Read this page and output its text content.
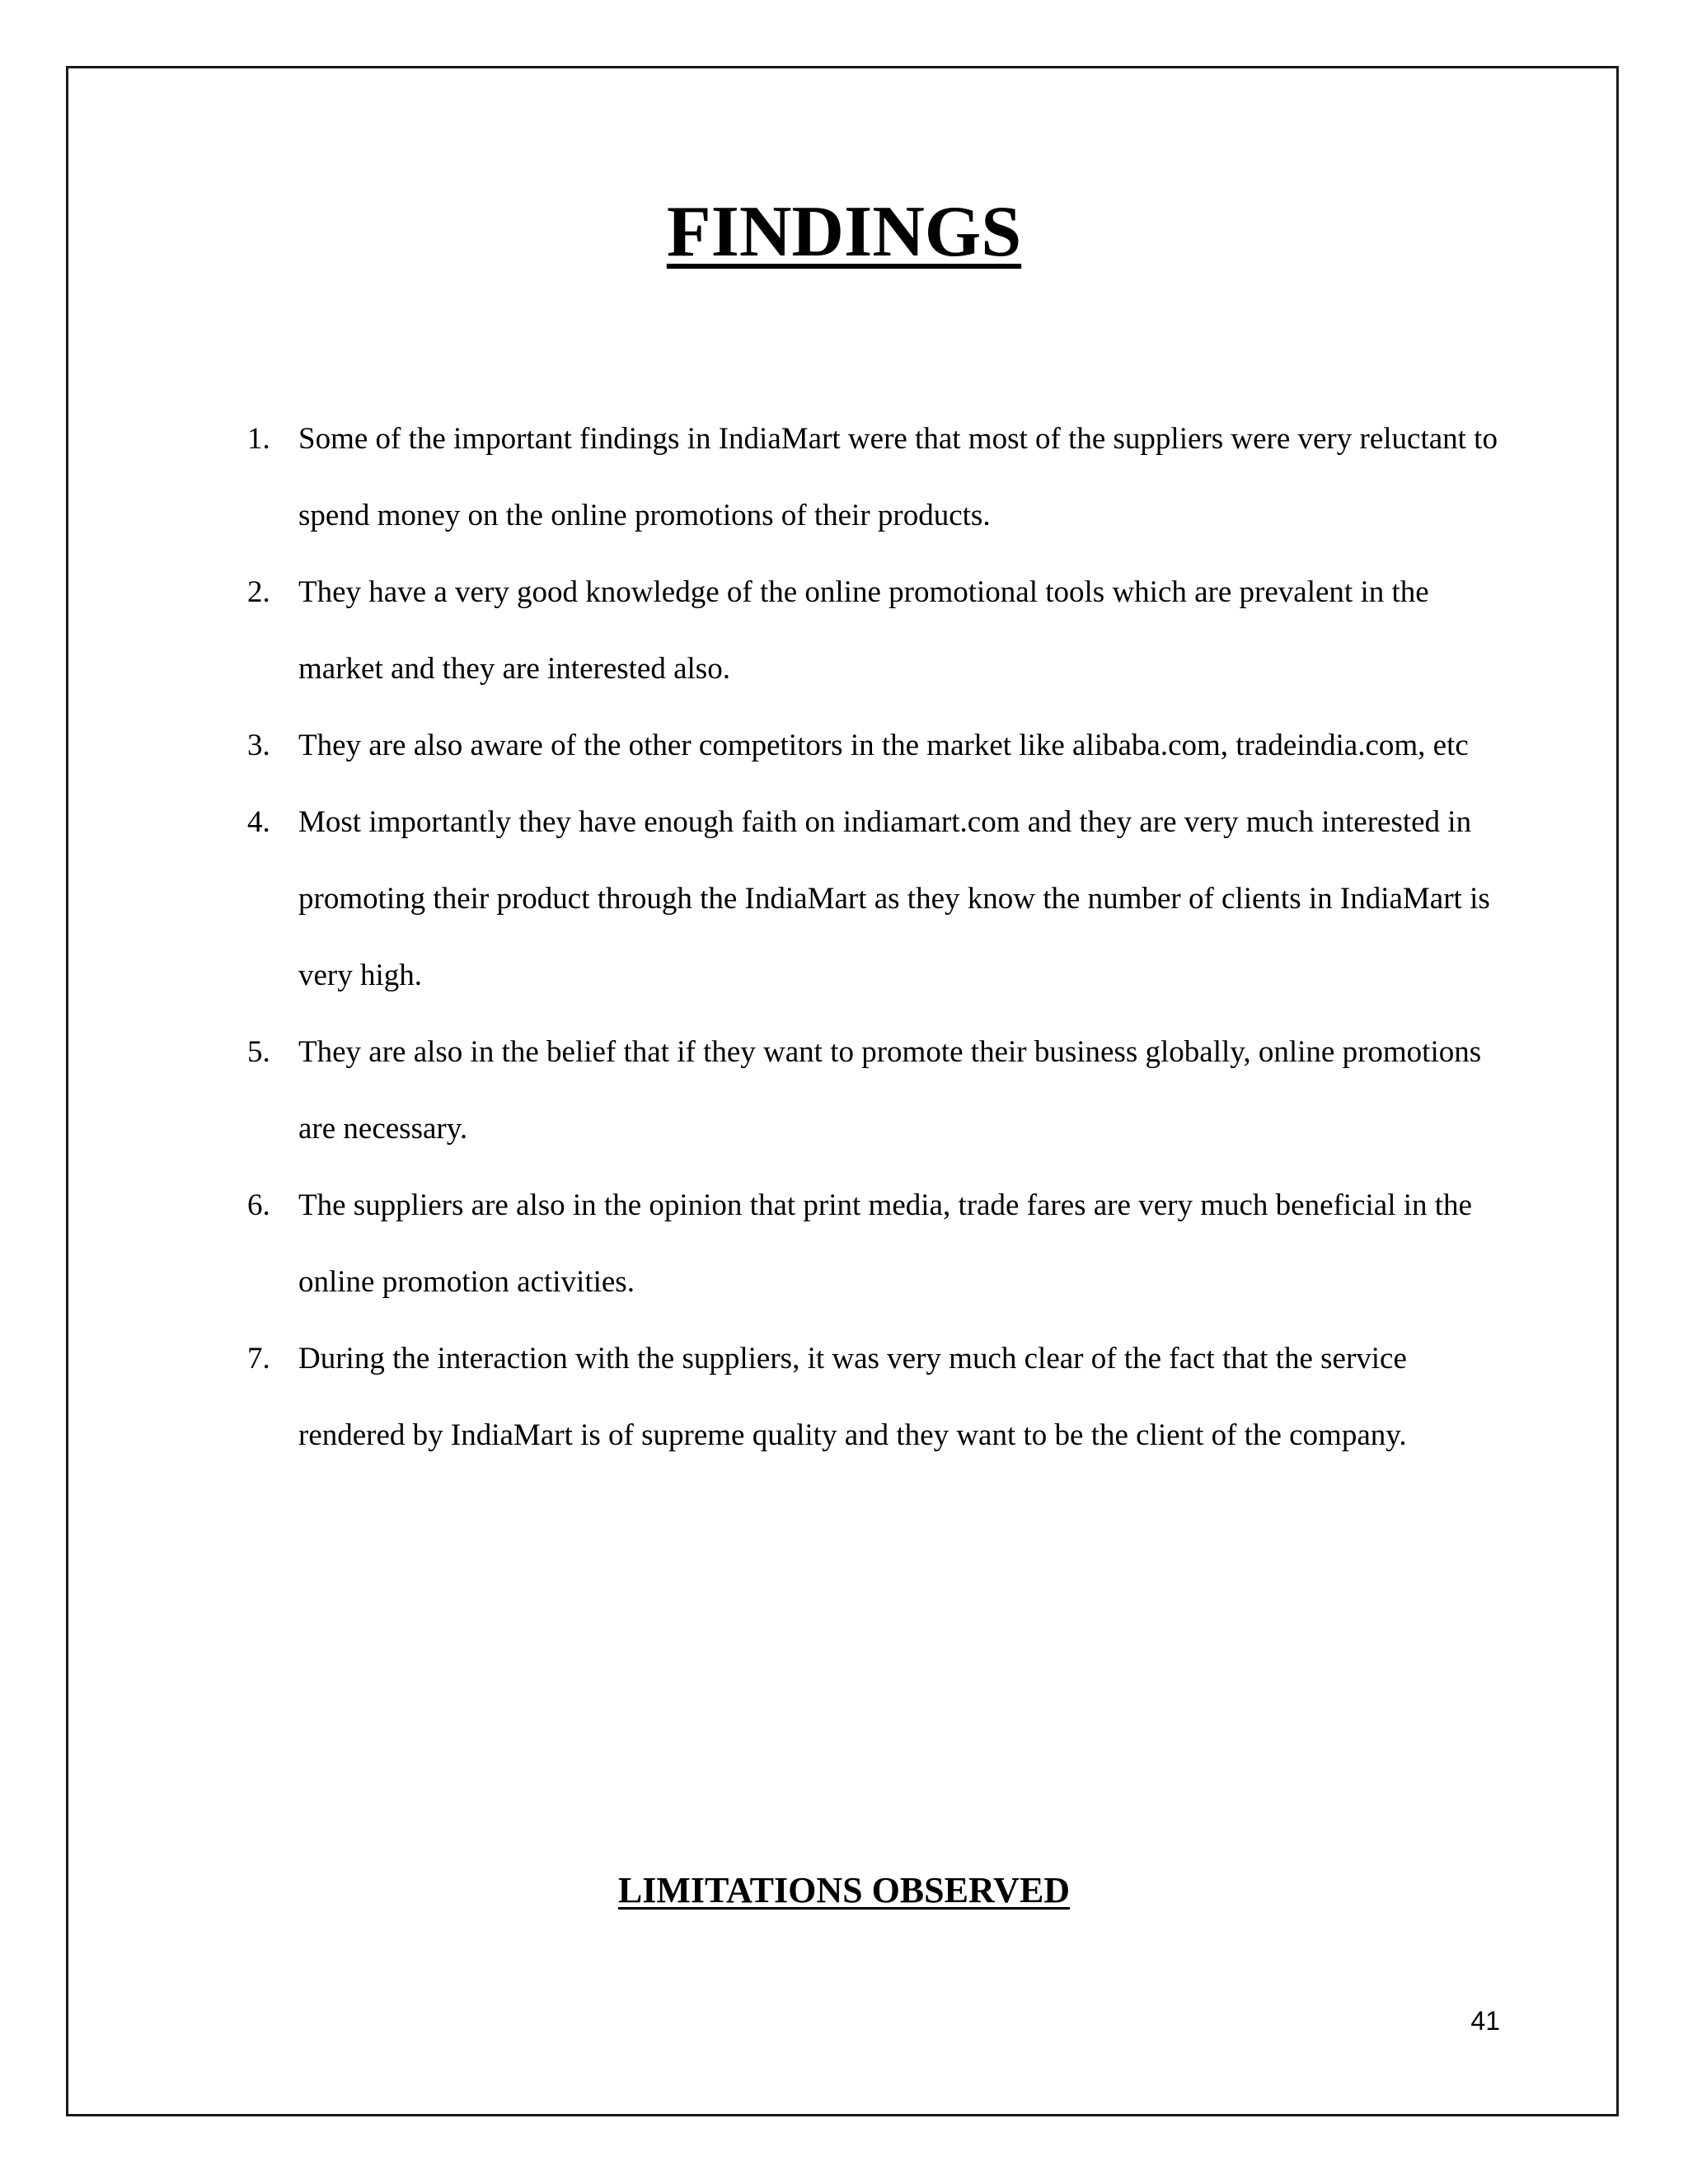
FINDINGS
1. Some of the important findings in IndiaMart were that most of the suppliers were very reluctant to spend money on the online promotions of their products.
2. They have a very good knowledge of the online promotional tools which are prevalent in the market and they are interested also.
3. They are also aware of the other competitors in the market like alibaba.com, tradeindia.com, etc
4. Most importantly they have enough faith on indiamart.com and they are very much interested in promoting their product through the IndiaMart as they know the number of clients in IndiaMart is very high.
5. They are also in the belief that if they want to promote their business globally, online promotions are necessary.
6. The suppliers are also in the opinion that print media, trade fares are very much beneficial in the online promotion activities.
7. During the interaction with the suppliers, it was very much clear of the fact that the service rendered by IndiaMart is of supreme quality and they want to be the client of the company.
LIMITATIONS OBSERVED
41
